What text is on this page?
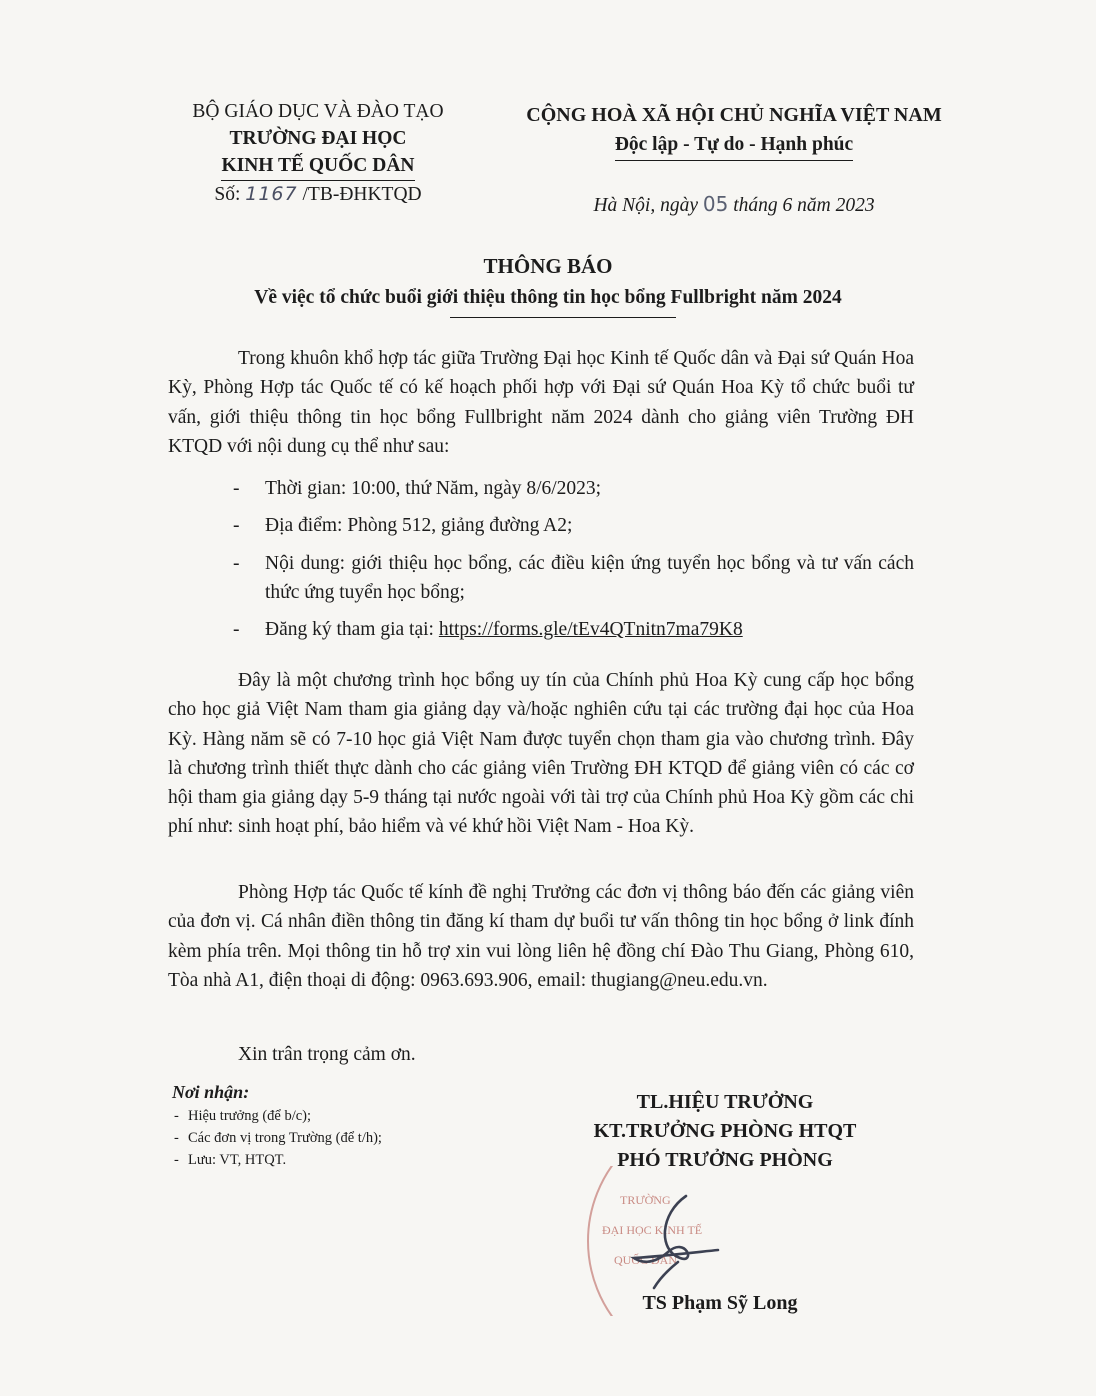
BỘ GIÁO DỤC VÀ ĐÀO TẠO
TRƯỜNG ĐẠI HỌC
KINH TẾ QUỐC DÂN
Số: 1167 /TB-ĐHKTQD
CỘNG HOÀ XÃ HỘI CHỦ NGHĨA VIỆT NAM
Độc lập - Tự do - Hạnh phúc
Hà Nội, ngày 05 tháng 6 năm 2023
THÔNG BÁO
Về việc tổ chức buổi giới thiệu thông tin học bổng Fullbright năm 2024

Trong khuôn khổ hợp tác giữa Trường Đại học Kinh tế Quốc dân và Đại sứ Quán Hoa Kỳ, Phòng Hợp tác Quốc tế có kế hoạch phối hợp với Đại sứ Quán Hoa Kỳ tổ chức buổi tư vấn, giới thiệu thông tin học bổng Fullbright năm 2024 dành cho giảng viên Trường ĐH KTQD với nội dung cụ thể như sau:

- Thời gian: 10:00, thứ Năm, ngày 8/6/2023;
- Địa điểm: Phòng 512, giảng đường A2;
- Nội dung: giới thiệu học bổng, các điều kiện ứng tuyển học bổng và tư vấn cách thức ứng tuyển học bổng;
- Đăng ký tham gia tại: https://forms.gle/tEv4QTnitn7ma79K8

Đây là một chương trình học bổng uy tín của Chính phủ Hoa Kỳ cung cấp học bổng cho học giả Việt Nam tham gia giảng dạy và/hoặc nghiên cứu tại các trường đại học của Hoa Kỳ. Hàng năm sẽ có 7-10 học giả Việt Nam được tuyển chọn tham gia vào chương trình. Đây là chương trình thiết thực dành cho các giảng viên Trường ĐH KTQD để giảng viên có các cơ hội tham gia giảng dạy 5-9 tháng tại nước ngoài với tài trợ của Chính phủ Hoa Kỳ gồm các chi phí như: sinh hoạt phí, bảo hiểm và vé khứ hồi Việt Nam - Hoa Kỳ.

Phòng Hợp tác Quốc tế kính đề nghị Trưởng các đơn vị thông báo đến các giảng viên của đơn vị. Cá nhân điền thông tin đăng kí tham dự buổi tư vấn thông tin học bổng ở link đính kèm phía trên. Mọi thông tin hỗ trợ xin vui lòng liên hệ đồng chí Đào Thu Giang, Phòng 610, Tòa nhà A1, điện thoại di động: 0963.693.906, email: thugiang@neu.edu.vn.

Xin trân trọng cảm ơn.
Nơi nhận:
- Hiệu trưởng (để b/c);
- Các đơn vị trong Trường (để t/h);
- Lưu: VT, HTQT.
TL.HIỆU TRƯỞNG
KT.TRƯỞNG PHÒNG HTQT
PHÓ TRƯỞNG PHÒNG
TRƯỜNG
ĐẠI HỌC KINH TẾ
QUỐC DÂN
TS Phạm Sỹ Long
